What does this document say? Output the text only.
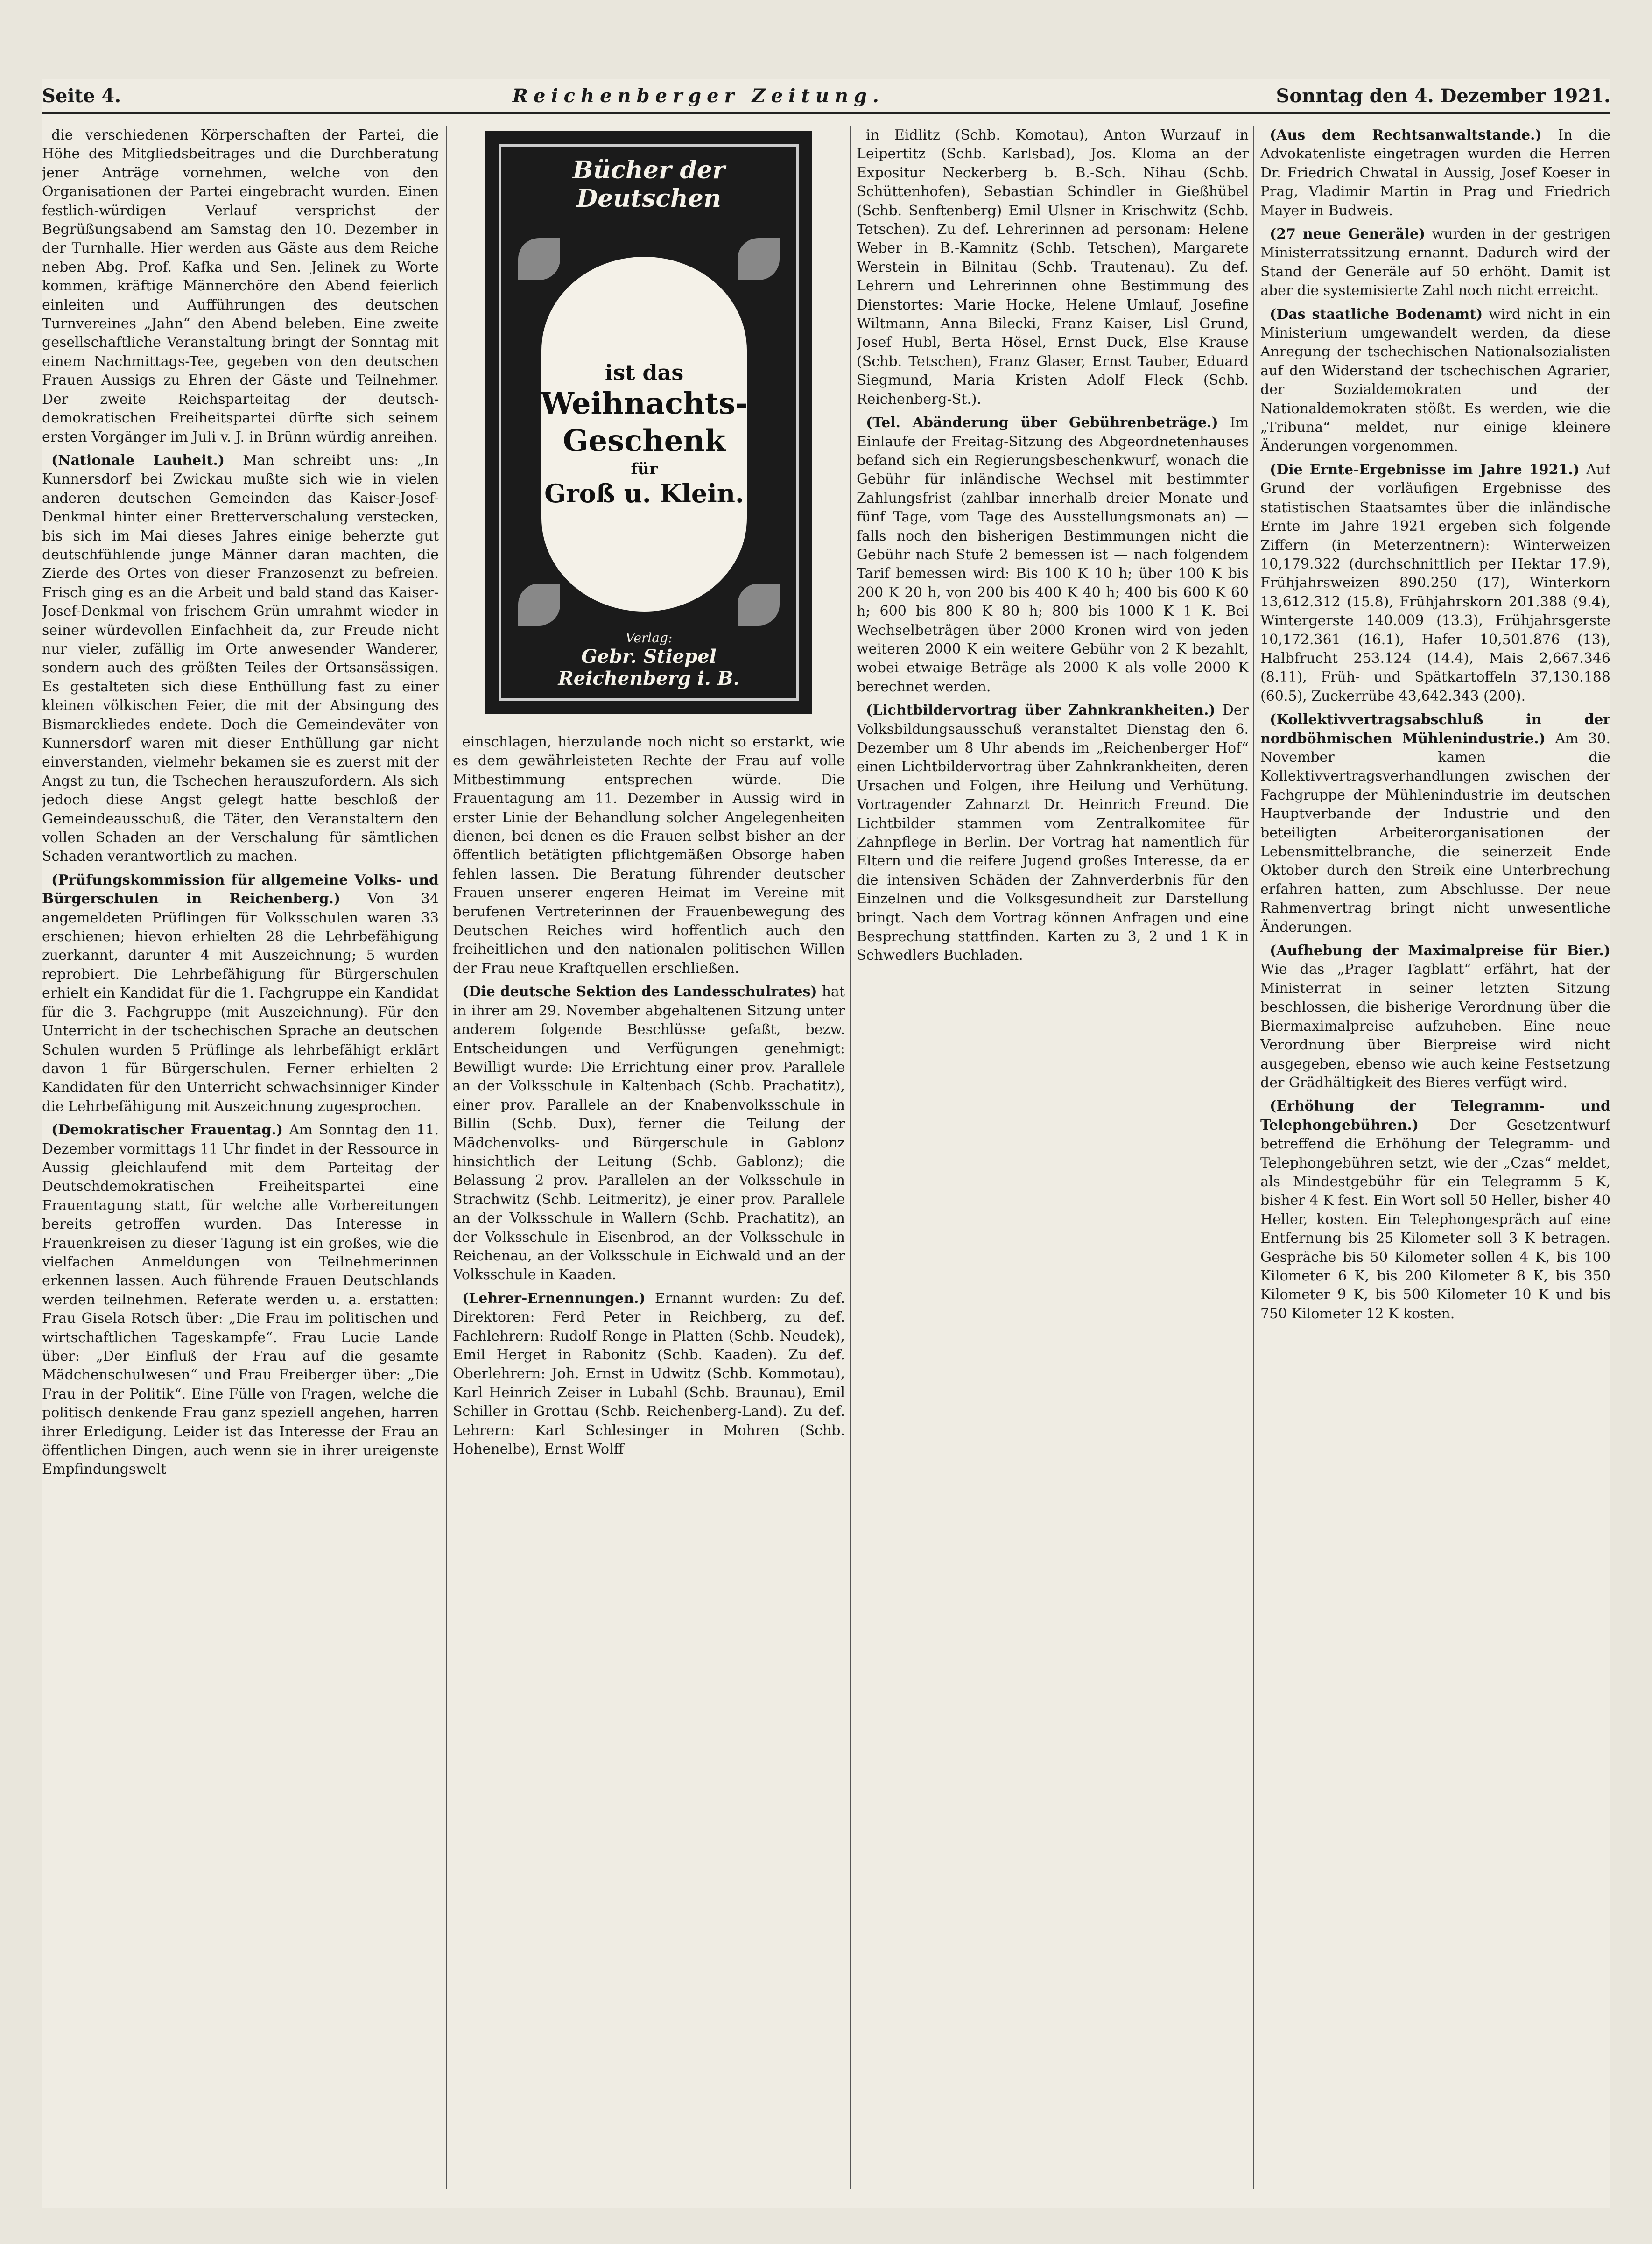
Seite 4.	Reichenberger Zeitung.	Sonntag den 4. Dezember 1921.

die verschiedenen Körperschaften der Partei, die Höhe des Mitgliedsbeitrages und die Durchberatung jener Anträge vornehmen, welche von den Organisationen der Partei eingebracht wurden. Einen festlich-würdigen Verlauf versprichst der Begrüßungsabend am Samstag den 10. Dezember in der Turnhalle. Hier werden aus Gäste aus dem Reiche neben Abg. Prof. Kafka und Sen. Jelinek zu Worte kommen, kräftige Männerchöre den Abend feierlich einleiten und Aufführungen des deutschen Turnvereines „Jahn“ den Abend beleben. Eine zweite gesellschaftliche Veranstaltung bringt der Sonntag mit einem Nachmittags-Tee, gegeben von den deutschen Frauen Aussigs zu Ehren der Gäste und Teilnehmer. Der zweite Reichsparteitag der deutsch-demokratischen Freiheitspartei dürfte sich seinem ersten Vorgänger im Juli v. J. in Brünn würdig anreihen.

(Nationale Lauheit.) Man schreibt uns: „In Kunnersdorf bei Zwickau mußte sich wie in vielen anderen deutschen Gemeinden das Kaiser-Josef-Denkmal hinter einer Bretterverschalung verstecken, bis sich im Mai dieses Jahres einige beherzte gut deutschfühlende junge Männer daran machten, die Zierde des Ortes von dieser Franzosenzt zu befreien. Frisch ging es an die Arbeit und bald stand das Kaiser-Josef-Denkmal von frischem Grün umrahmt wieder in seiner würdevollen Einfachheit da, zur Freude nicht nur vieler, zufällig im Orte anwesender Wanderer, sondern auch des größten Teiles der Ortsansässigen. Es gestalteten sich diese Enthüllung fast zu einer kleinen völkischen Feier, die mit der Absingung des Bismarckliedes endete. Doch die Gemeindeväter von Kunnersdorf waren mit dieser Enthüllung gar nicht einverstanden, vielmehr bekamen sie es zuerst mit der Angst zu tun, die Tschechen herauszufordern. Als sich jedoch diese Angst gelegt hatte beschloß der Gemeindeausschuß, die Täter, den Veranstaltern den vollen Schaden an der Verschalung für sämtlichen Schaden verantwortlich zu machen.

(Prüfungskommission für allgemeine Volks- und Bürgerschulen in Reichenberg.) Von 34 angemeldeten Prüflingen für Volksschulen waren 33 erschienen; hievon erhielten 28 die Lehrbefähigung zuerkannt, darunter 4 mit Auszeichnung; 5 wurden reprobiert. Die Lehrbefähigung für Bürgerschulen erhielt ein Kandidat für die 1. Fachgruppe ein Kandidat für die 3. Fachgruppe (mit Auszeichnung). Für den Unterricht in der tschechischen Sprache an deutschen Schulen wurden 5 Prüflinge als lehrbefähigt erklärt davon 1 für Bürgerschulen. Ferner erhielten 2 Kandidaten für den Unterricht schwachsinniger Kinder die Lehrbefähigung mit Auszeichnung zugesprochen.

(Demokratischer Frauentag.) Am Sonntag den 11. Dezember vormittags 11 Uhr findet in der Ressource in Aussig gleichlaufend mit dem Parteitag der Deutschdemokratischen Freiheitspartei eine Frauentagung statt, für welche alle Vorbereitungen bereits getroffen wurden. Das Interesse in Frauenkreisen zu dieser Tagung ist ein großes, wie die vielfachen Anmeldungen von Teilnehmerinnen erkennen lassen. Auch führende Frauen Deutschlands werden teilnehmen. Referate werden u. a. erstatten: Frau Gisela Rotsch über: „Die Frau im politischen und wirtschaftlichen Tageskampfe“. Frau Lucie Lande über: „Der Einfluß der Frau auf die gesamte Mädchenschulwesen“ und Frau Freiberger über: „Die Frau in der Politik“. Eine Fülle von Fragen, welche die politisch denkende Frau ganz speziell angehen, harren ihrer Erledigung. Leider ist das Interesse der Frau an öffentlichen Dingen, auch wenn sie in ihrer ureigenste Empfindungswelt

Bücher der Deutschen
ist das
Weihnachts-Geschenk
für
Groß u. Klein.
Verlag:
Gebr. Stiepel Reichenberg i. B.

einschlagen, hierzulande noch nicht so erstarkt, wie es dem gewährleisteten Rechte der Frau auf volle Mitbestimmung entsprechen würde. Die Frauentagung am 11. Dezember in Aussig wird in erster Linie der Behandlung solcher Angelegenheiten dienen, bei denen es die Frauen selbst bisher an der öffentlich betätigten pflichtgemäßen Obsorge haben fehlen lassen. Die Beratung führender deutscher Frauen unserer engeren Heimat im Vereine mit berufenen Vertreterinnen der Frauenbewegung des Deutschen Reiches wird hoffentlich auch den freiheitlichen und den nationalen politischen Willen der Frau neue Kraftquellen erschließen.

(Die deutsche Sektion des Landesschulrates) hat in ihrer am 29. November abgehaltenen Sitzung unter anderem folgende Beschlüsse gefaßt, bezw. Entscheidungen und Verfügungen genehmigt: Bewilligt wurde: Die Errichtung einer prov. Parallele an der Volksschule in Kaltenbach (Schb. Prachatitz), einer prov. Parallele an der Knabenvolksschule in Billin (Schb. Dux), ferner die Teilung der Mädchenvolks- und Bürgerschule in Gablonz hinsichtlich der Leitung (Schb. Gablonz); die Belassung 2 prov. Parallelen an der Volksschule in Strachwitz (Schb. Leitmeritz), je einer prov. Parallele an der Volksschule in Wallern (Schb. Prachatitz), an der Volksschule in Eisenbrod, an der Volksschule in Reichenau, an der Volksschule in Eichwald und an der Volksschule in Kaaden.

(Lehrer-Ernennungen.) Ernannt wurden: Zu def. Direktoren: Ferd Peter in Reichberg, zu def. Fachlehrern: Rudolf Ronge in Platten (Schb. Neudek), Emil Herget in Rabonitz (Schb. Kaaden). Zu def. Oberlehrern: Joh. Ernst in Udwitz (Schb. Kommotau), Karl Heinrich Zeiser in Lubahl (Schb. Braunau), Emil Schiller in Grottau (Schb. Reichenberg-Land). Zu def. Lehrern: Karl Schlesinger in Mohren (Schb. Hohenelbe), Ernst Wolff

in Eidlitz (Schb. Komotau), Anton Wurzauf in Leipertitz (Schb. Karlsbad), Jos. Kloma an der Expositur Neckerberg b. B.-Sch. Nihau (Schb. Schüttenhofen), Sebastian Schindler in Gießhübel (Schb. Senftenberg) Emil Ulsner in Krischwitz (Schb. Tetschen). Zu def. Lehrerinnen ad personam: Helene Weber in B.-Kamnitz (Schb. Tetschen), Margarete Werstein in Bilnitau (Schb. Trautenau). Zu def. Lehrern und Lehrerinnen ohne Bestimmung des Dienstortes: Marie Hocke, Helene Umlauf, Josefine Wiltmann, Anna Bilecki, Franz Kaiser, Lisl Grund, Josef Hubl, Berta Hösel, Ernst Duck, Else Krause (Schb. Tetschen), Franz Glaser, Ernst Tauber, Eduard Siegmund, Maria Kristen Adolf Fleck (Schb. Reichenberg-St.).

(Tel. Abänderung über Gebührenbeträge.) Im Einlaufe der Freitag-Sitzung des Abgeordnetenhauses befand sich ein Regierungsbeschenkwurf, wonach die Gebühr für inländische Wechsel mit bestimmter Zahlungsfrist (zahlbar innerhalb dreier Monate und fünf Tage, vom Tage des Ausstellungsmonats an) — falls noch den bisherigen Bestimmungen nicht die Gebühr nach Stufe 2 bemessen ist — nach folgendem Tarif bemessen wird: Bis 100 K 10 h; über 100 K bis 200 K 20 h, von 200 bis 400 K 40 h; 400 bis 600 K 60 h; 600 bis 800 K 80 h; 800 bis 1000 K 1 K. Bei Wechselbeträgen über 2000 Kronen wird von jeden weiteren 2000 K ein weitere Gebühr von 2 K bezahlt, wobei etwaige Beträge als 2000 K als volle 2000 K berechnet werden.

(Lichtbildervortrag über Zahnkrankheiten.) Der Volksbildungsausschuß veranstaltet Dienstag den 6. Dezember um 8 Uhr abends im „Reichenberger Hof“ einen Lichtbildervortrag über Zahnkrankheiten, deren Ursachen und Folgen, ihre Heilung und Verhütung. Vortragender Zahnarzt Dr. Heinrich Freund. Die Lichtbilder stammen vom Zentralkomitee für Zahnpflege in Berlin. Der Vortrag hat namentlich für Eltern und die reifere Jugend großes Interesse, da er die intensiven Schäden der Zahnverderbnis für den Einzelnen und die Volksgesundheit zur Darstellung bringt. Nach dem Vortrag können Anfragen und eine Besprechung stattfinden. Karten zu 3, 2 und 1 K in Schwedlers Buchladen.

(Aus dem Rechtsanwaltstande.) In die Advokatenliste eingetragen wurden die Herren Dr. Friedrich Chwatal in Aussig, Josef Koeser in Prag, Vladimir Martin in Prag und Friedrich Mayer in Budweis.

(27 neue Generäle) wurden in der gestrigen Ministerratssitzung ernannt. Dadurch wird der Stand der Generäle auf 50 erhöht. Damit ist aber die systemisierte Zahl noch nicht erreicht.

(Das staatliche Bodenamt) wird nicht in ein Ministerium umgewandelt werden, da diese Anregung der tschechischen Nationalsozialisten auf den Widerstand der tschechischen Agrarier, der Sozialdemokraten und der Nationaldemokraten stößt. Es werden, wie die „Tribuna“ meldet, nur einige kleinere Änderungen vorgenommen.

(Die Ernte-Ergebnisse im Jahre 1921.) Auf Grund der vorläufigen Ergebnisse des statistischen Staatsamtes über die inländische Ernte im Jahre 1921 ergeben sich folgende Ziffern (in Meterzentnern): Winterweizen 10,179.322 (durchschnittlich per Hektar 17.9), Frühjahrsweizen 890.250 (17), Winterkorn 13,612.312 (15.8), Frühjahrskorn 201.388 (9.4), Wintergerste 140.009 (13.3), Frühjahrsgerste 10,172.361 (16.1), Hafer 10,501.876 (13), Halbfrucht 253.124 (14.4), Mais 2,667.346 (8.11), Früh- und Spätkartoffeln 37,130.188 (60.5), Zuckerrübe 43,642.343 (200).

(Kollektivvertragsabschluß in der nordböhmischen Mühlenindustrie.) Am 30. November kamen die Kollektivvertragsverhandlungen zwischen der Fachgruppe der Mühlenindustrie im deutschen Hauptverbande der Industrie und den beteiligten Arbeiterorganisationen der Lebensmittelbranche, die seinerzeit Ende Oktober durch den Streik eine Unterbrechung erfahren hatten, zum Abschlusse. Der neue Rahmenvertrag bringt nicht unwesentliche Änderungen.

(Aufhebung der Maximalpreise für Bier.) Wie das „Prager Tagblatt“ erfährt, hat der Ministerrat in seiner letzten Sitzung beschlossen, die bisherige Verordnung über die Biermaximalpreise aufzuheben. Eine neue Verordnung über Bierpreise wird nicht ausgegeben, ebenso wie auch keine Festsetzung der Grädhältigkeit des Bieres verfügt wird.

(Erhöhung der Telegramm- und Telephongebühren.) Der Gesetzentwurf betreffend die Erhöhung der Telegramm- und Telephongebühren setzt, wie der „Czas“ meldet, als Mindestgebühr für ein Telegramm 5 K, bisher 4 K fest. Ein Wort soll 50 Heller, bisher 40 Heller, kosten. Ein Telephongespräch auf eine Entfernung bis 25 Kilometer soll 3 K betragen. Gespräche bis 50 Kilometer sollen 4 K, bis 100 Kilometer 6 K, bis 200 Kilometer 8 K, bis 350 Kilometer 9 K, bis 500 Kilometer 10 K und bis 750 Kilometer 12 K kosten.
